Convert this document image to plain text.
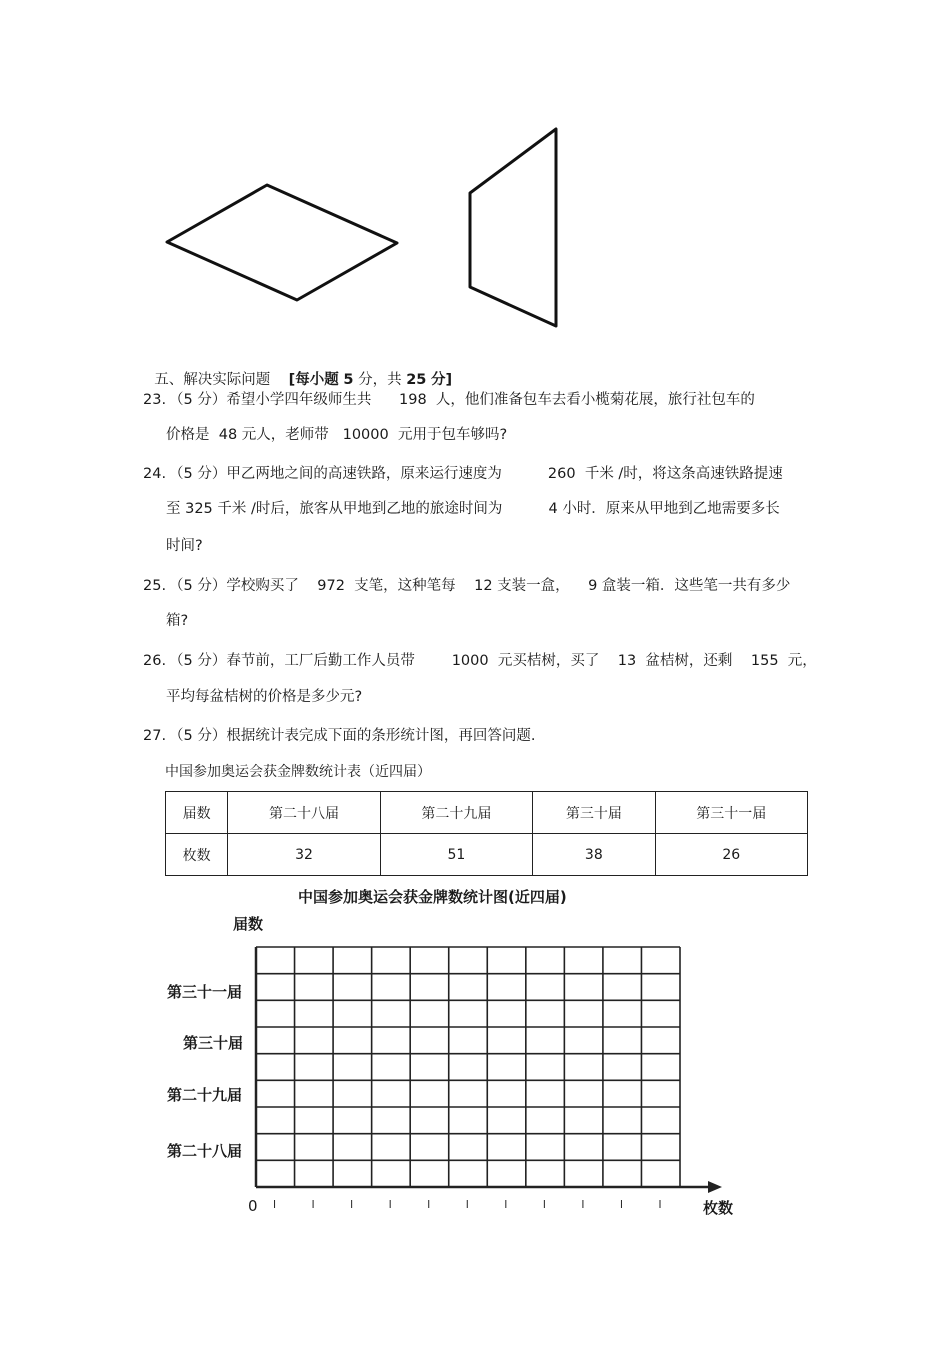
五、解决实际问题 [每小题 5 分，共 25 分]

23. （5 分）希望小学四年级师生共      198  人，他们准备包车去看小榄菊花展，旅行社包车的
价格是  48 元人，老师带   10000  元用于包车够吗?
24. （5 分）甲乙两地之间的高速铁路，原来运行速度为          260  千米 /时，将这条高速铁路提速
至 325 千米 /时后，旅客从甲地到乙地的旅途时间为          4 小时．原来从甲地到乙地需要多长
时间?
25. （5 分）学校购买了    972  支笔，这种笔每    12 支装一盒，    9 盒装一箱．这些笔一共有多少
箱?
26. （5 分）春节前，工厂后勤工作人员带        1000  元买桔树，买了    13  盆桔树，还剩    155  元，
平均每盆桔树的价格是多少元?
27. （5 分）根据统计表完成下面的条形统计图，再回答问题.
中国参加奥运会获金牌数统计表（近四届）
届数	第二十八届	第二十九届	第三十届	第三十一届
枚数	32	51	38	26
中国参加奥运会获金牌数统计图(近四届)
届数
第三十一届
第三十届
第二十九届
第二十八届
0	枚数
